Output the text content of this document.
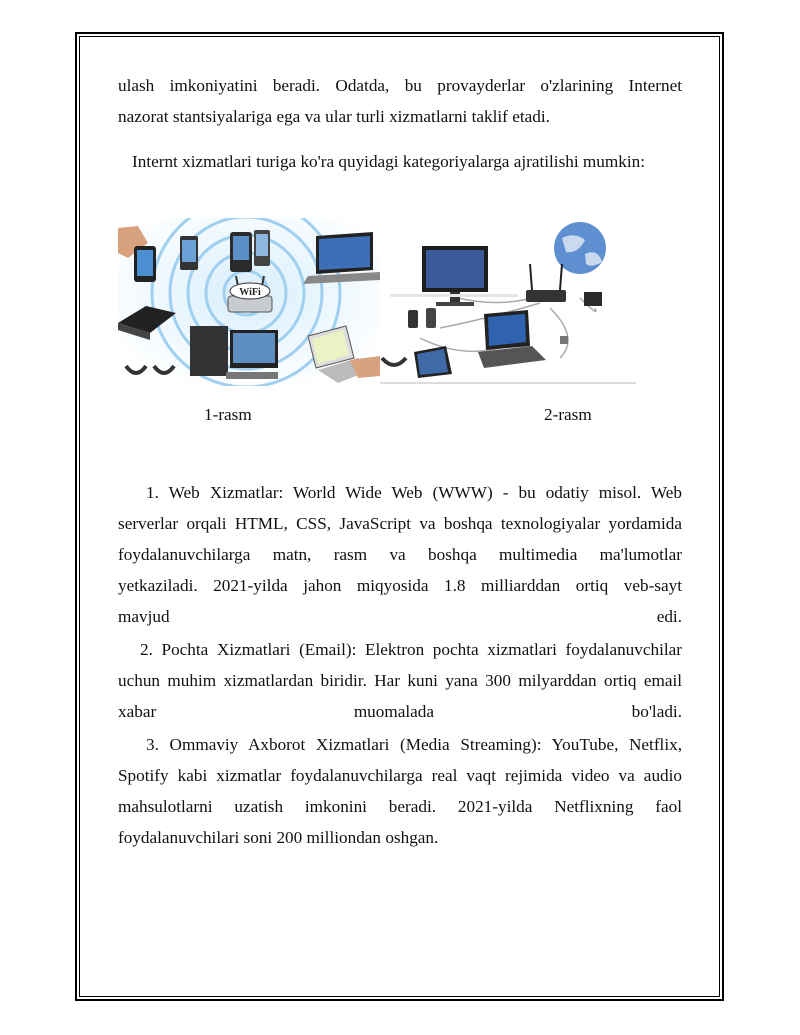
ulash imkoniyatini beradi. Odatda, bu provayderlar o'zlarining Internet
nazorat stantsiyalariga ega va ular turli xizmatlarni taklif etadi.
Internt xizmatlari turiga ko'ra quyidagi kategoriyalarga ajratilishi mumkin:
WiFi
1-rasm	2-rasm
1. Web Xizmatlar: World Wide Web (WWW) - bu odatiy misol. Web
serverlar orqali HTML, CSS, JavaScript va boshqa texnologiyalar yordamida
foydalanuvchilarga matn, rasm va boshqa multimedia ma'lumotlar
yetkaziladi. 2021-yilda jahon miqyosida 1.8 milliarddan ortiq veb-sayt
mavjud edi.
2. Pochta Xizmatlari (Email): Elektron pochta xizmatlari foydalanuvchilar
uchun muhim xizmatlardan biridir. Har kuni yana 300 milyarddan ortiq email
xabar muomalada bo'ladi.
3. Ommaviy Axborot Xizmatlari (Media Streaming): YouTube, Netflix,
Spotify kabi xizmatlar foydalanuvchilarga real vaqt rejimida video va audio
mahsulotlarni uzatish imkonini beradi. 2021-yilda Netflixning faol
foydalanuvchilari soni 200 milliondan oshgan.
